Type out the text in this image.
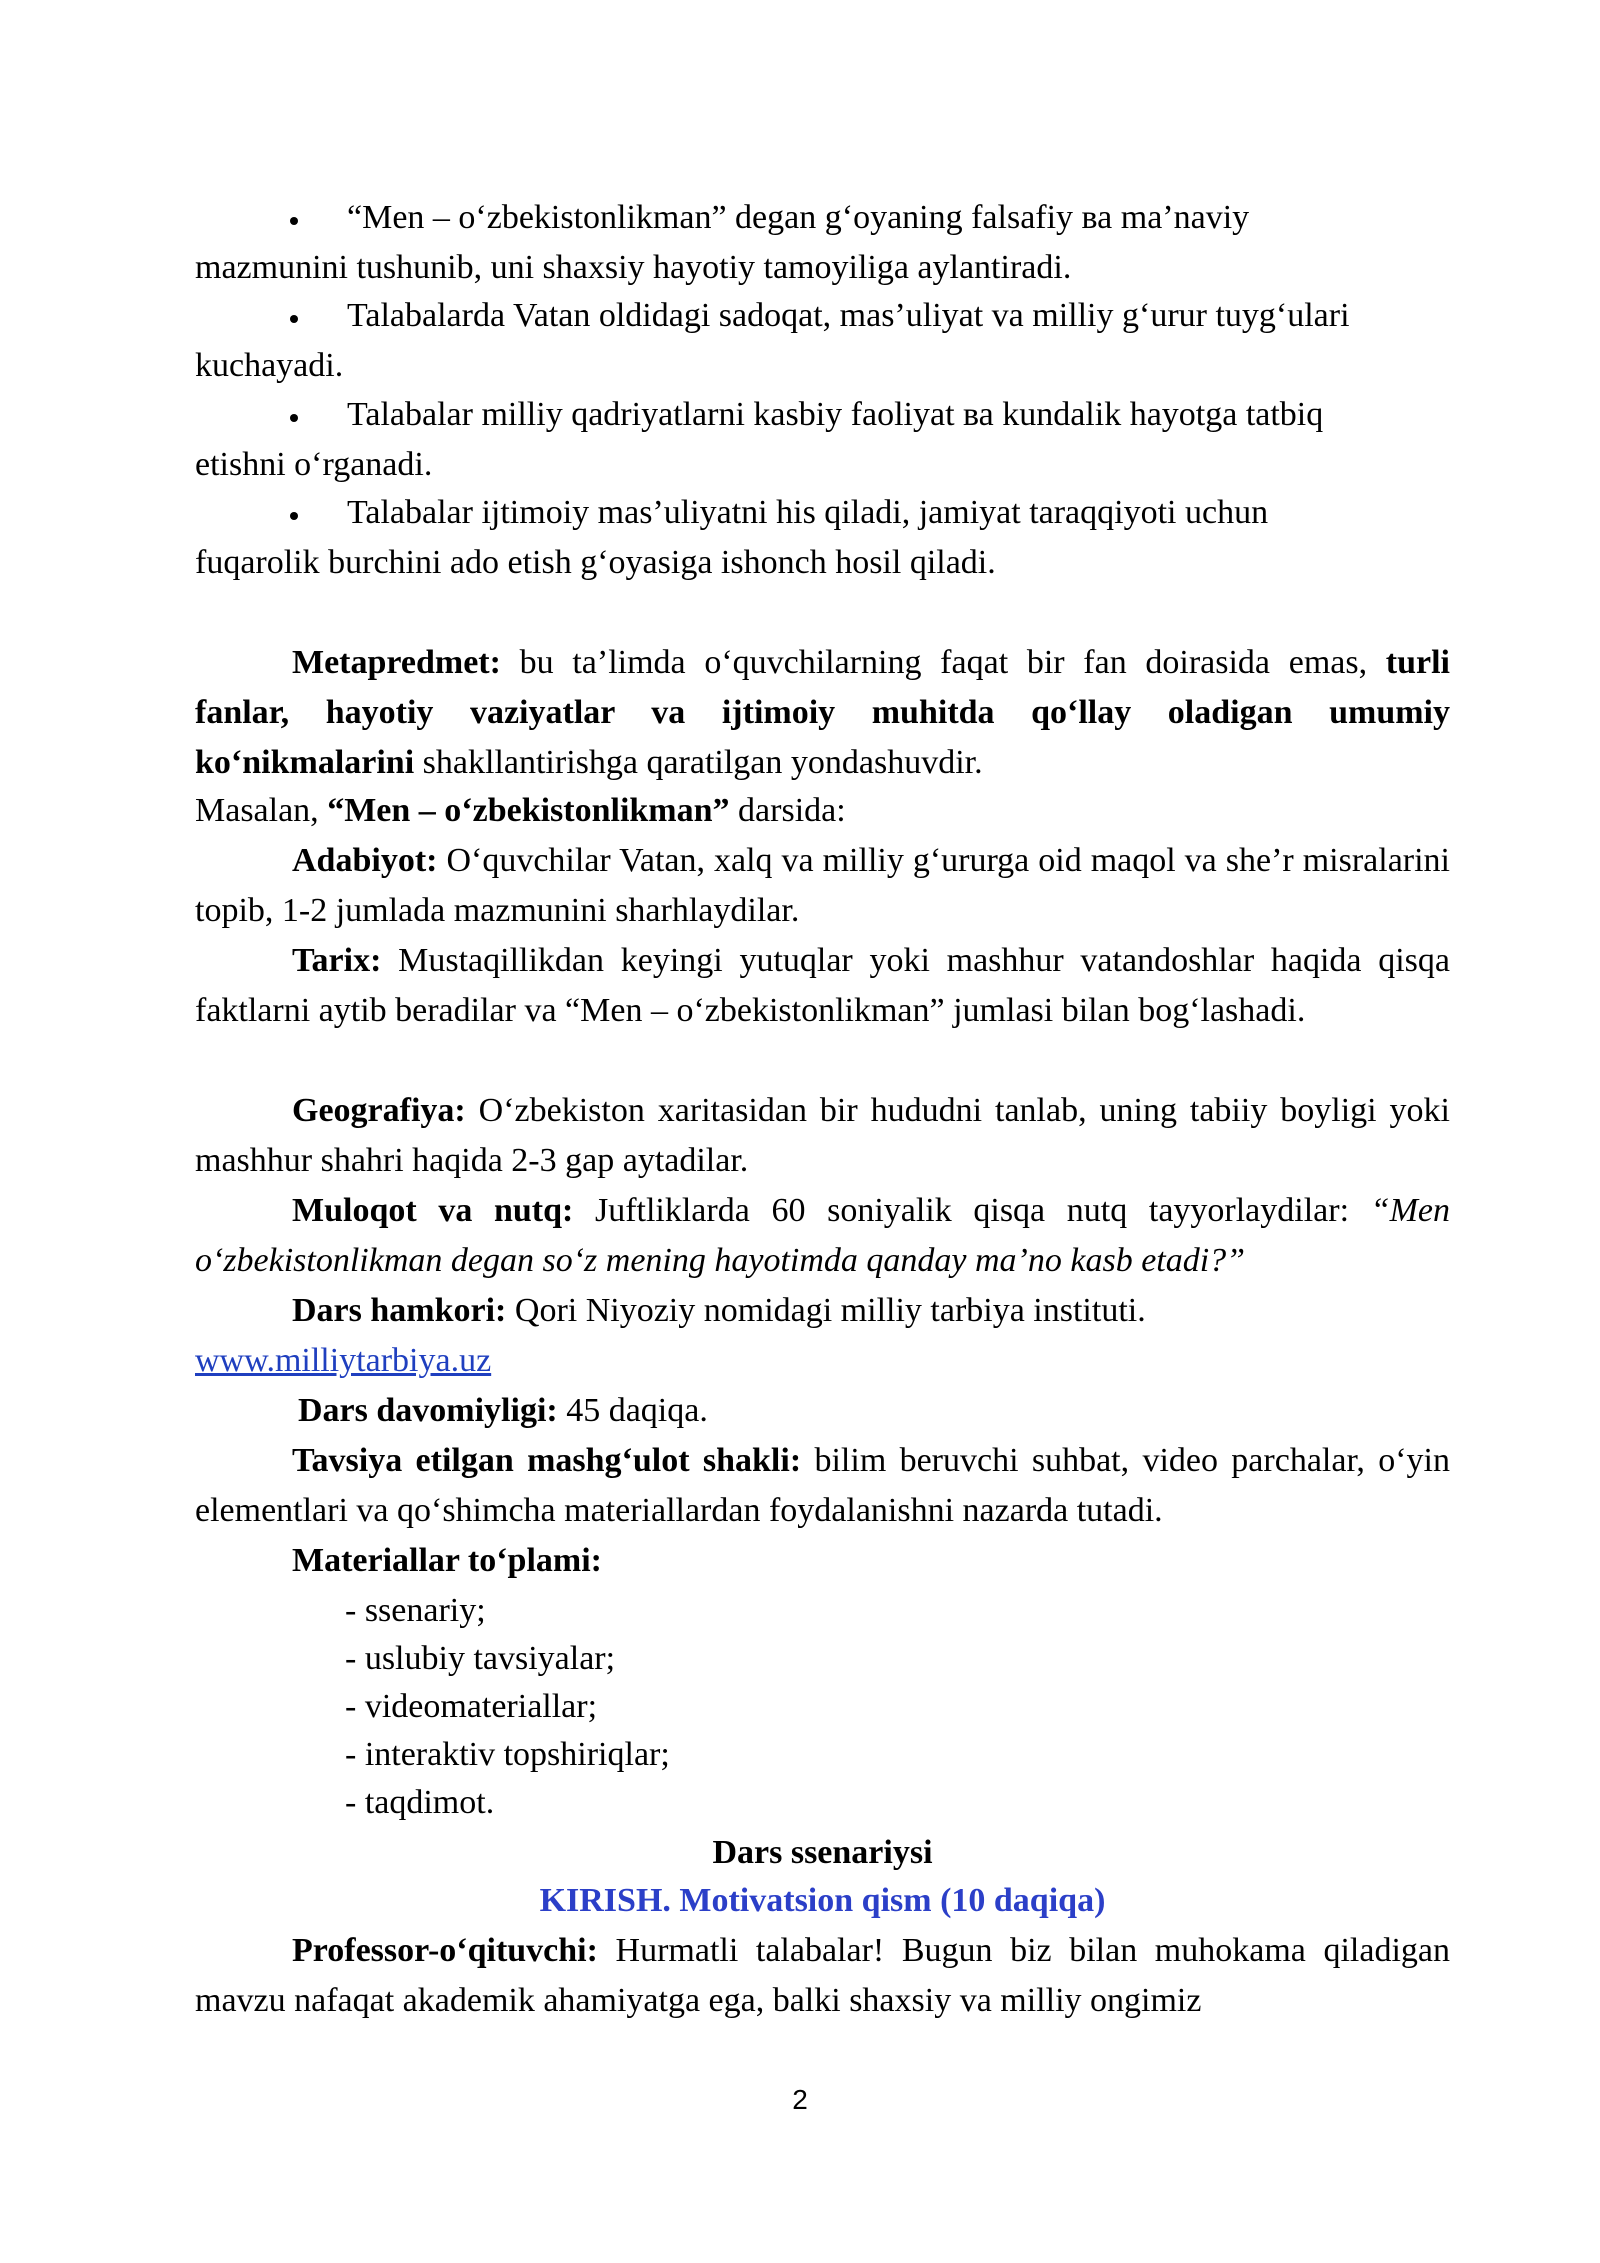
“Men – o‘zbekistonlikman” degan g‘oyaning falsafiy ва ma’naviy
mazmunini tushunib, uni shaxsiy hayotiy tamoyiliga aylantiradi.

Talabalarda Vatan oldidagi sadoqat, mas’uliyat va milliy g‘urur tuyg‘ulari
kuchayadi.

Talabalar milliy qadriyatlarni kasbiy faoliyat ва kundalik hayotga tatbiq
etishni o‘rganadi.

Talabalar ijtimoiy mas’uliyatni his qiladi, jamiyat taraqqiyoti uchun
fuqarolik burchini ado etish g‘oyasiga ishonch hosil qiladi.

Metapredmet: bu ta’limda o‘quvchilarning faqat bir fan doirasida emas, turli fanlar, hayotiy vaziyatlar va ijtimoiy muhitda qo‘llay oladigan umumiy ko‘nikmalarini shakllantirishga qaratilgan yondashuvdir.

Masalan, “Men – o‘zbekistonlikman” darsida:

Adabiyot: O‘quvchilar Vatan, xalq va milliy g‘ururga oid maqol va she’r misralarini topib, 1-2 jumlada mazmunini sharhlaydilar.

Tarix: Mustaqillikdan keyingi yutuqlar yoki mashhur vatandoshlar haqida qisqa faktlarni aytib beradilar va “Men – o‘zbekistonlikman” jumlasi bilan bog‘lashadi.

Geografiya: O‘zbekiston xaritasidan bir hududni tanlab, uning tabiiy boyligi yoki mashhur shahri haqida 2-3 gap aytadilar.

Muloqot va nutq: Juftliklarda 60 soniyalik qisqa nutq tayyorlaydilar: “Men o‘zbekistonlikman degan so‘z mening hayotimda qanday ma’no kasb etadi?”

Dars hamkori: Qori Niyoziy nomidagi milliy tarbiya instituti.

www.milliytarbiya.uz

Dars davomiyligi: 45 daqiqa.

Tavsiya etilgan mashg‘ulot shakli: bilim beruvchi suhbat, video parchalar, o‘yin elementlari va qo‘shimcha materiallardan foydalanishni nazarda tutadi.

Materiallar to‘plami:

- ssenariy;

- uslubiy tavsiyalar;

- videomateriallar;

- interaktiv topshiriqlar;

- taqdimot.

Dars ssenariysi

KIRISH. Motivatsion qism (10 daqiqa)

Professor-o‘qituvchi: Hurmatli talabalar! Bugun biz bilan muhokama qiladigan mavzu nafaqat akademik ahamiyatga ega, balki shaxsiy va milliy ongimiz

2
